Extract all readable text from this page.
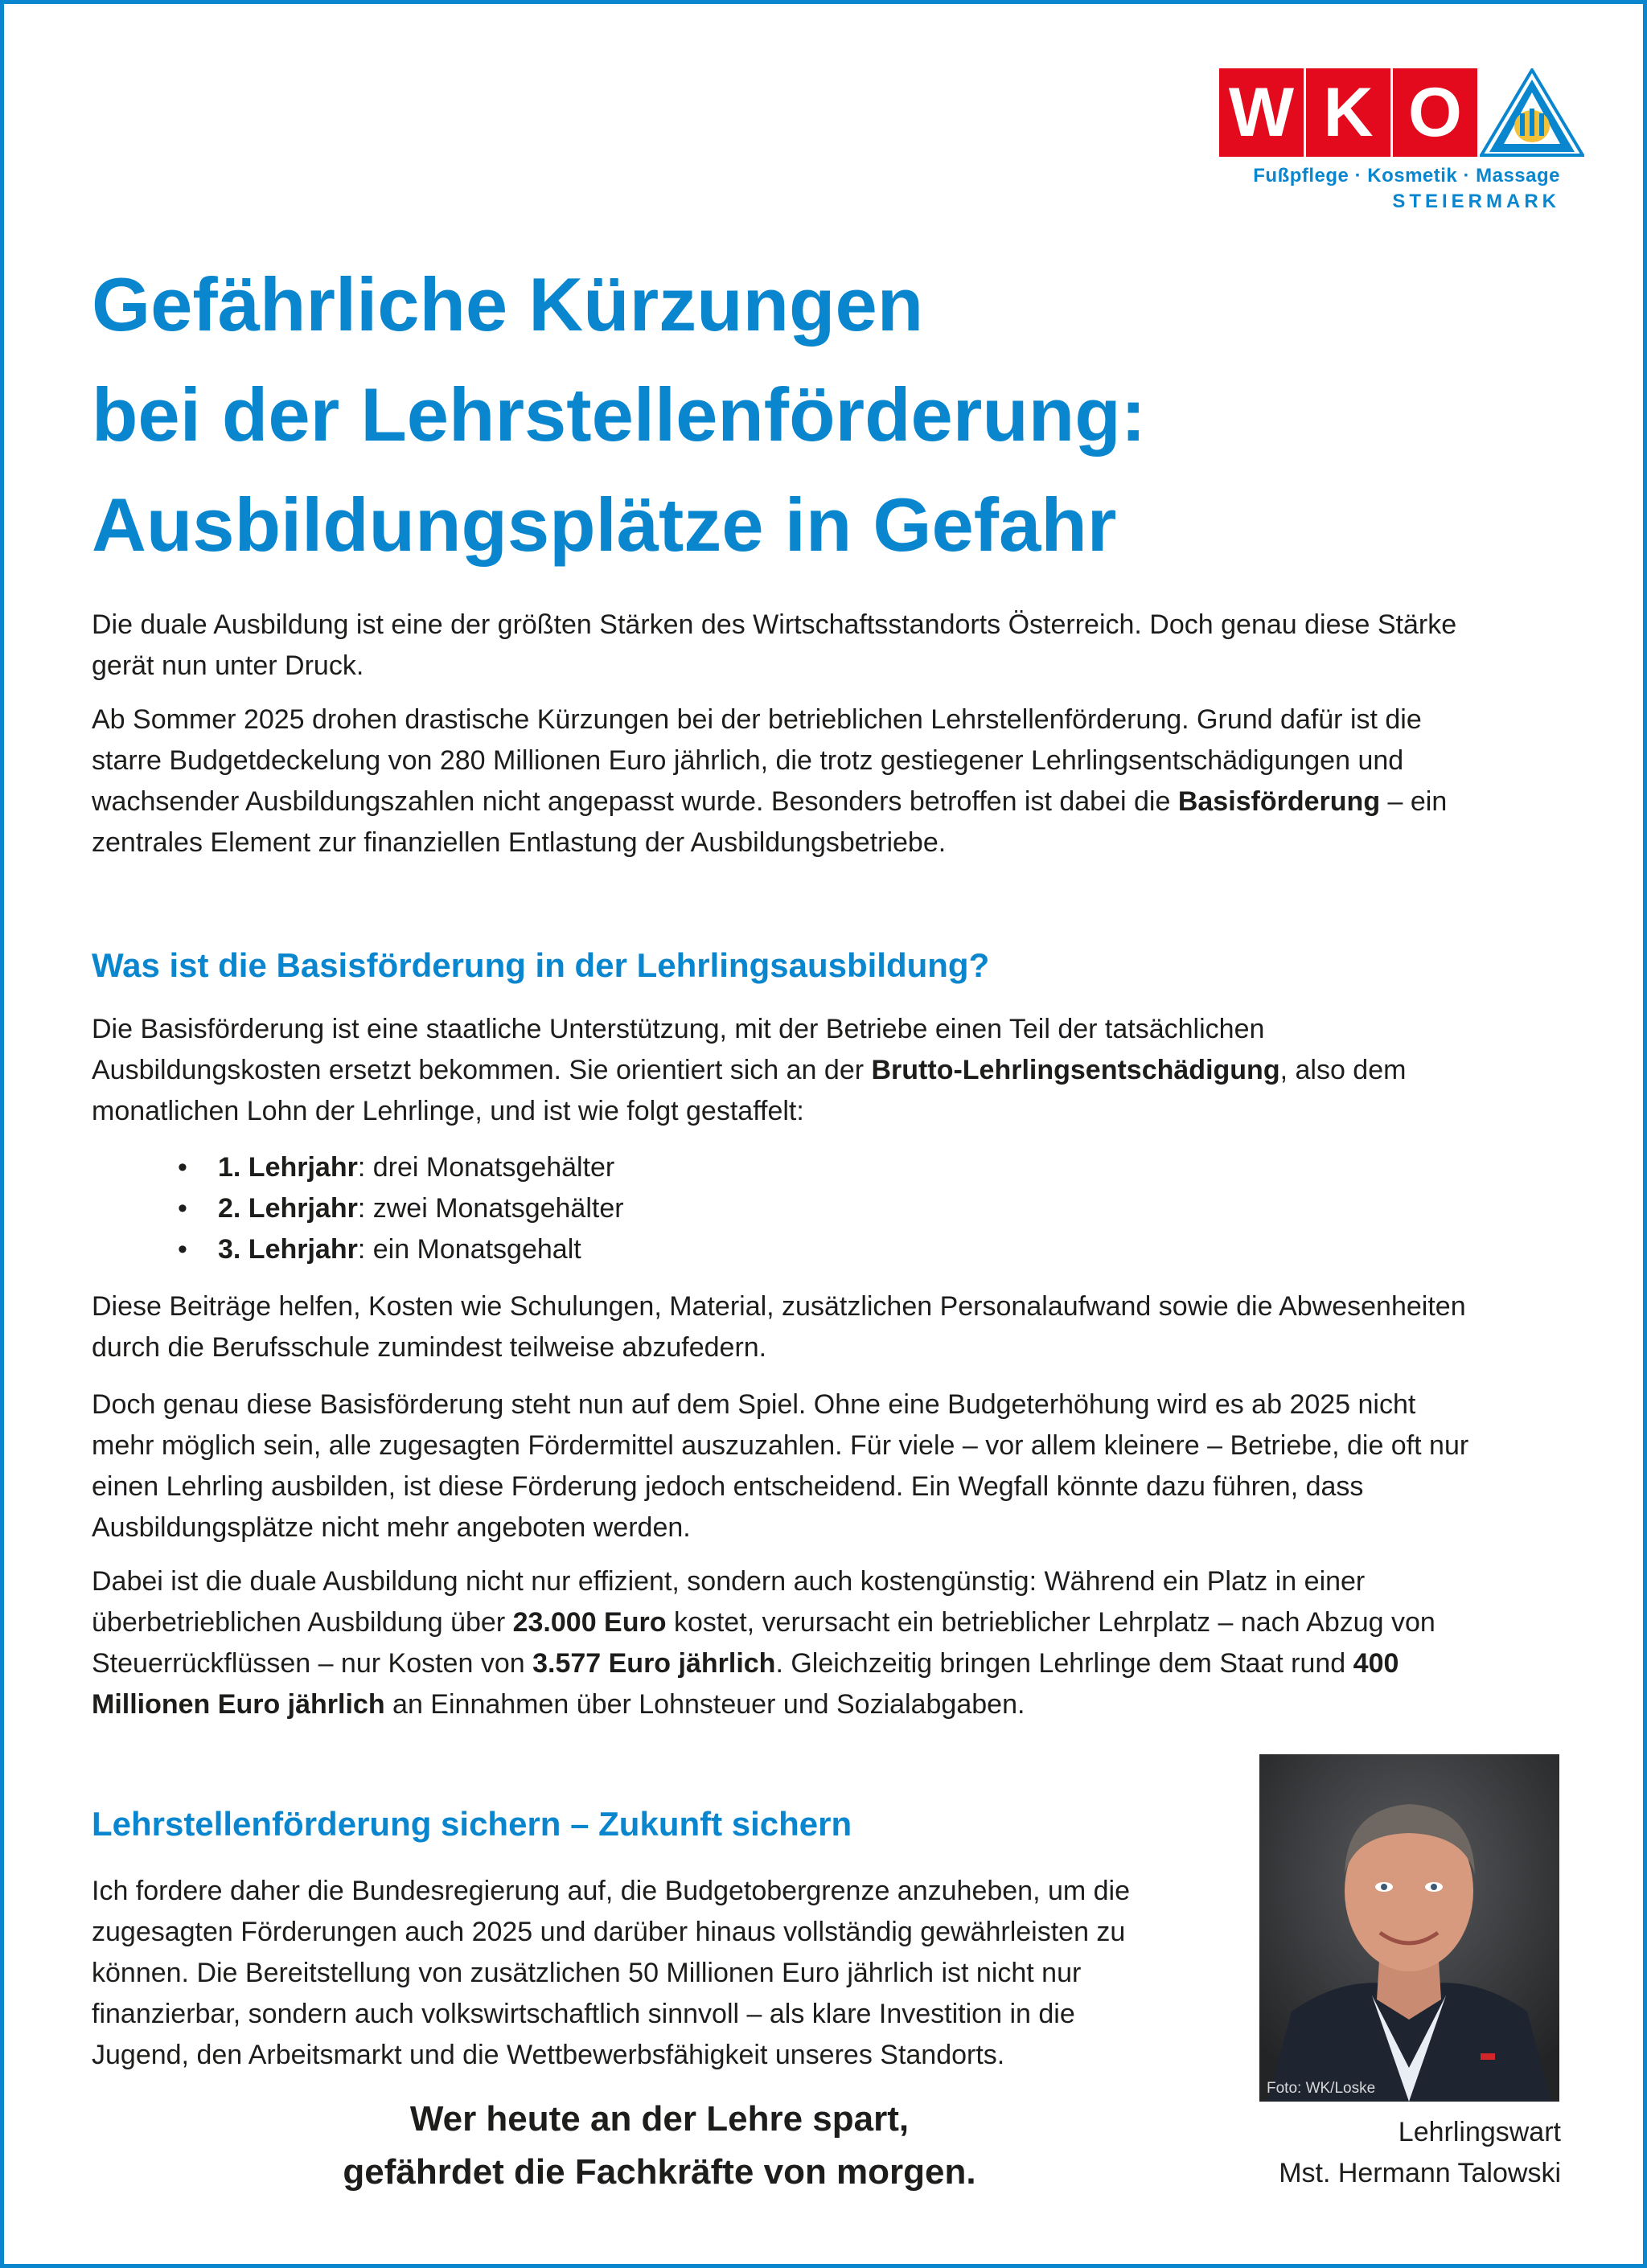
W K O
Fußpflege · Kosmetik · Massage
STEIERMARK
Gefährliche Kürzungen
bei der Lehrstellenförderung:
Ausbildungsplätze in Gefahr
Die duale Ausbildung ist eine der größten Stärken des Wirtschaftsstandorts Österreich. Doch genau diese Stärke
gerät nun unter Druck.
Ab Sommer 2025 drohen drastische Kürzungen bei der betrieblichen Lehrstellenförderung. Grund dafür ist die
starre Budgetdeckelung von 280 Millionen Euro jährlich, die trotz gestiegener Lehrlingsentschädigungen und
wachsender Ausbildungszahlen nicht angepasst wurde. Besonders betroffen ist dabei die Basisförderung – ein
zentrales Element zur finanziellen Entlastung der Ausbildungsbetriebe.
Was ist die Basisförderung in der Lehrlingsausbildung?
Die Basisförderung ist eine staatliche Unterstützung, mit der Betriebe einen Teil der tatsächlichen
Ausbildungskosten ersetzt bekommen. Sie orientiert sich an der Brutto-Lehrlingsentschädigung, also dem
monatlichen Lohn der Lehrlinge, und ist wie folgt gestaffelt:
• 1. Lehrjahr: drei Monatsgehälter
• 2. Lehrjahr: zwei Monatsgehälter
• 3. Lehrjahr: ein Monatsgehalt
Diese Beiträge helfen, Kosten wie Schulungen, Material, zusätzlichen Personalaufwand sowie die Abwesenheiten
durch die Berufsschule zumindest teilweise abzufedern.
Doch genau diese Basisförderung steht nun auf dem Spiel. Ohne eine Budgeterhöhung wird es ab 2025 nicht
mehr möglich sein, alle zugesagten Fördermittel auszuzahlen. Für viele – vor allem kleinere – Betriebe, die oft nur
einen Lehrling ausbilden, ist diese Förderung jedoch entscheidend. Ein Wegfall könnte dazu führen, dass
Ausbildungsplätze nicht mehr angeboten werden.
Dabei ist die duale Ausbildung nicht nur effizient, sondern auch kostengünstig: Während ein Platz in einer
überbetrieblichen Ausbildung über 23.000 Euro kostet, verursacht ein betrieblicher Lehrplatz – nach Abzug von
Steuerrückflüssen – nur Kosten von 3.577 Euro jährlich. Gleichzeitig bringen Lehrlinge dem Staat rund 400
Millionen Euro jährlich an Einnahmen über Lohnsteuer und Sozialabgaben.
Lehrstellenförderung sichern – Zukunft sichern
Ich fordere daher die Bundesregierung auf, die Budgetobergrenze anzuheben, um die
zugesagten Förderungen auch 2025 und darüber hinaus vollständig gewährleisten zu
können. Die Bereitstellung von zusätzlichen 50 Millionen Euro jährlich ist nicht nur
finanzierbar, sondern auch volkswirtschaftlich sinnvoll – als klare Investition in die
Jugend, den Arbeitsmarkt und die Wettbewerbsfähigkeit unseres Standorts.
Wer heute an der Lehre spart,
gefährdet die Fachkräfte von morgen.
Foto: WK/Loske
Lehrlingswart
Mst. Hermann Talowski
